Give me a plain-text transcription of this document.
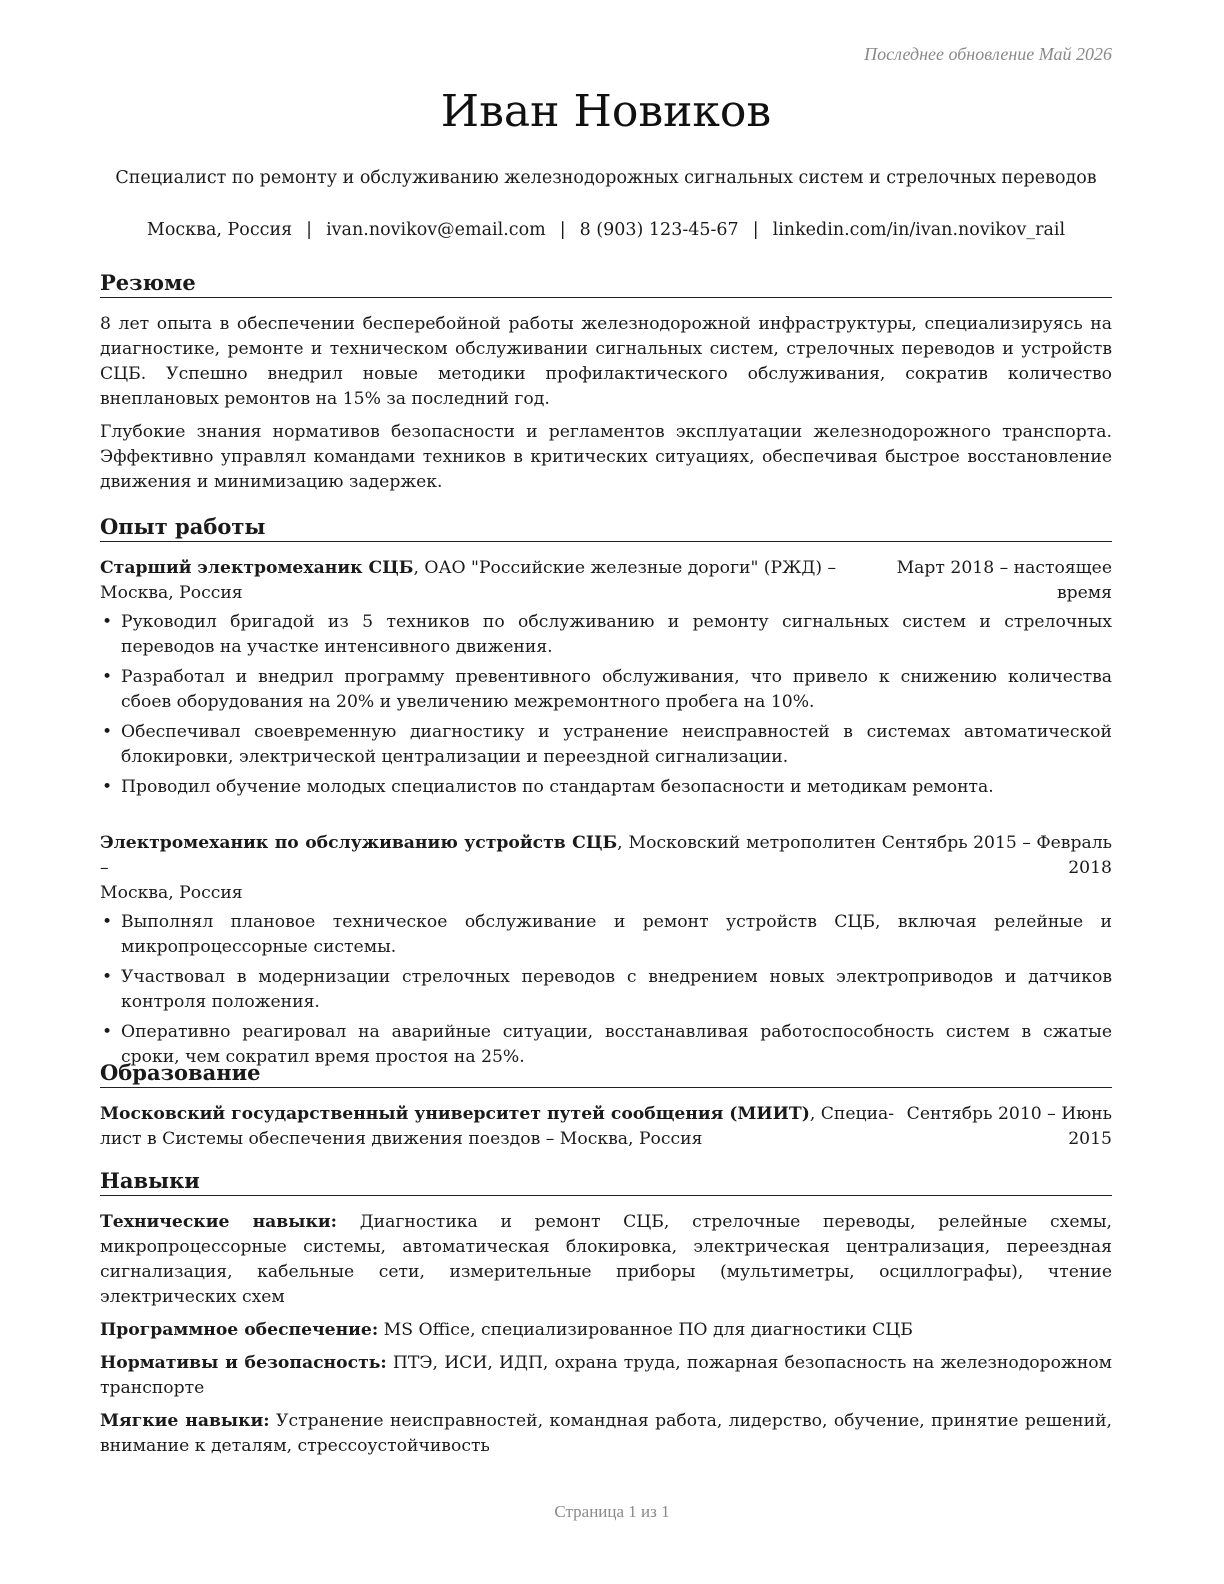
Последнее обновление Май 2026
Иван Новиков
Специалист по ремонту и обслуживанию железнодорожных сигнальных систем и стрелочных переводов
Москва, Россия | ivan.novikov@email.com | 8 (903) 123-45-67 | linkedin.com/in/ivan.novikov_rail
Резюме

8 лет опыта в обеспечении бесперебойной работы железнодорожной инфраструктуры, специализируясь на диагностике, ремонте и техническом обслуживании сигнальных систем, стрелочных переводов и устройств СЦБ. Успешно внедрил новые методики профилактического обслуживания, сократив количество внеплановых ремонтов на 15% за последний год.

Глубокие знания нормативов безопасности и регламентов эксплуатации железнодорожного транспорта. Эффективно управлял командами техников в критических ситуациях, обеспечивая быстрое восстановление движения и минимизацию задержек.

Опыт работы
Старший электромеханик СЦБ, ОАО "Российские железные дороги" (РЖД) –
Москва, Россия
Март 2018 – настоящее
время
• Руководил бригадой из 5 техников по обслуживанию и ремонту сигнальных систем и стрелочных переводов на участке интенсивного движения.
• Разработал и внедрил программу превентивного обслуживания, что привело к снижению количества сбоев оборудования на 20% и увеличению межремонтного пробега на 10%.
• Обеспечивал своевременную диагностику и устранение неисправностей в системах автоматической блокировки, электрической централизации и переездной сигнализации.
• Проводил обучение молодых специалистов по стандартам безопасности и методикам ремонта.
Электромеханик по обслуживанию устройств СЦБ, Московский метрополитен –
Москва, Россия
Сентябрь 2015 – Февраль
2018
• Выполнял плановое техническое обслуживание и ремонт устройств СЦБ, включая релейные и микропроцессорные системы.
• Участвовал в модернизации стрелочных переводов с внедрением новых электроприводов и датчиков контроля положения.
• Оперативно реагировал на аварийные ситуации, восстанавливая работоспособность систем в сжатые сроки, чем сократил время простоя на 25%.
Образование
Московский государственный университет путей сообщения (МИИТ), Специа-
лист в Системы обеспечения движения поездов – Москва, Россия
Сентябрь 2010 – Июнь
2015
Навыки
Технические навыки: Диагностика и ремонт СЦБ, стрелочные переводы, релейные схемы, микропроцессорные системы, автоматическая блокировка, электрическая централизация, переездная сигнализация, кабельные сети, измерительные приборы (мультиметры, осциллографы), чтение электрических схем
Программное обеспечение: MS Office, специализированное ПО для диагностики СЦБ
Нормативы и безопасность: ПТЭ, ИСИ, ИДП, охрана труда, пожарная безопасность на железнодорожном транспорте
Мягкие навыки: Устранение неисправностей, командная работа, лидерство, обучение, принятие решений, внимание к деталям, стрессоустойчивость
Страница 1 из 1
